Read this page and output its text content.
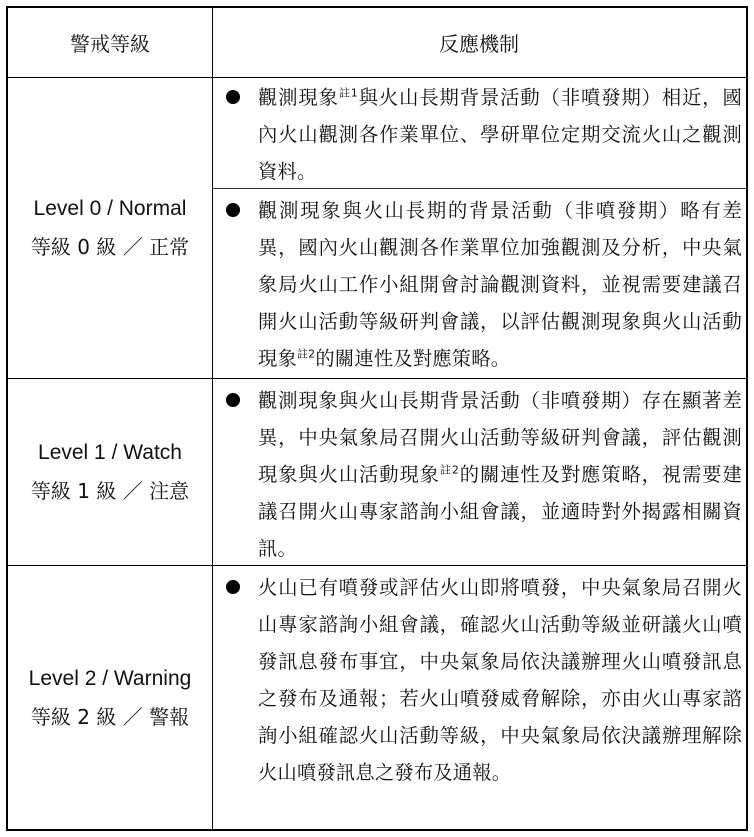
警戒等級	反應機制
Level 0 / Normal
等級 0 級 ／ 正常
Level 1 / Watch
等級 1 級 ／ 注意
Level 2 / Warning
等級 2 級 ／ 警報
觀測現象$^{註1}$與火山長期背景活動（非噴發期）相近，國內火山觀測各作業單位、學研單位定期交流火山之觀測資料。
觀測現象與火山長期的背景活動（非噴發期）略有差異，國內火山觀測各作業單位加強觀測及分析，中央氣象局火山工作小組開會討論觀測資料，並視需要建議召開火山活動等級研判會議，以評估觀測現象與火山活動現象$^{註2}$的關連性及對應策略。
觀測現象與火山長期背景活動（非噴發期）存在顯著差異，中央氣象局召開火山活動等級研判會議，評估觀測現象與火山活動現象$^{註2}$的關連性及對應策略，視需要建議召開火山專家諮詢小組會議，並適時對外揭露相關資訊。
火山已有噴發或評估火山即將噴發，中央氣象局召開火山專家諮詢小組會議，確認火山活動等級並研議火山噴發訊息發布事宜，中央氣象局依決議辦理火山噴發訊息之發布及通報；若火山噴發威脅解除，亦由火山專家諮詢小組確認火山活動等級，中央氣象局依決議辦理解除火山噴發訊息之發布及通報。
